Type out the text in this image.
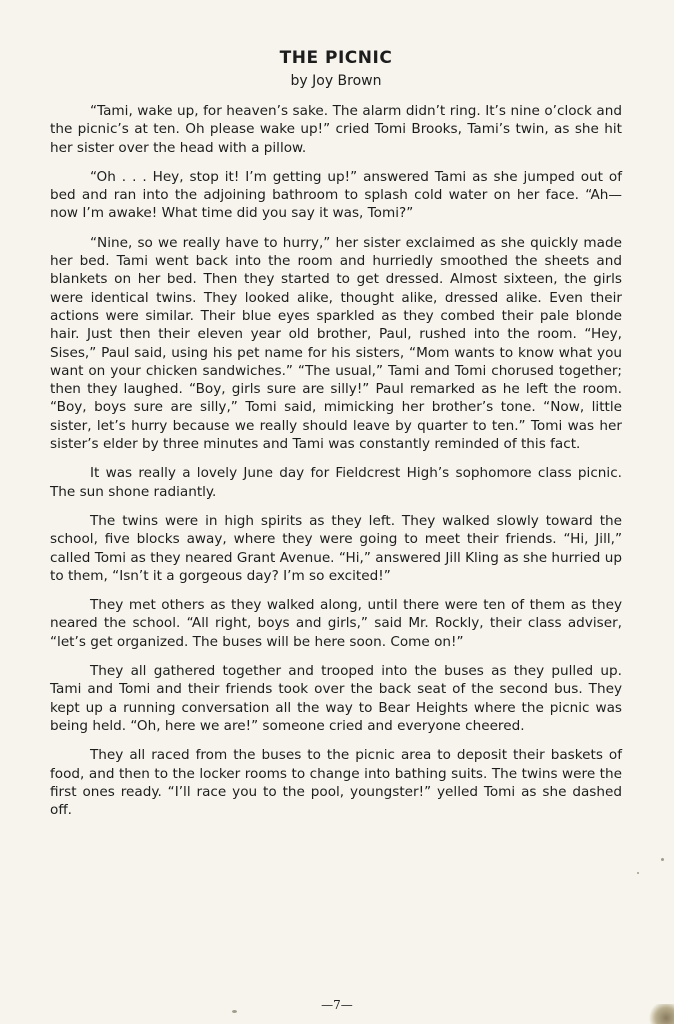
THE PICNIC
by Joy Brown

“Tami, wake up, for heaven’s sake. The alarm didn’t ring. It’s nine o’clock and the picnic’s at ten. Oh please wake up!” cried Tomi Brooks, Tami’s twin, as she hit her sister over the head with a pillow.

“Oh . . . Hey, stop it! I’m getting up!” answered Tami as she jumped out of bed and ran into the adjoining bathroom to splash cold water on her face. “Ah—now I’m awake! What time did you say it was, Tomi?”

“Nine, so we really have to hurry,” her sister exclaimed as she quickly made her bed. Tami went back into the room and hurriedly smoothed the sheets and blankets on her bed. Then they started to get dressed. Almost sixteen, the girls were identical twins. They looked alike, thought alike, dressed alike. Even their actions were similar. Their blue eyes sparkled as they combed their pale blonde hair. Just then their eleven year old brother, Paul, rushed into the room. “Hey, Sises,” Paul said, using his pet name for his sisters, “Mom wants to know what you want on your chicken sandwiches.” “The usual,” Tami and Tomi chorused together; then they laughed. “Boy, girls sure are silly!” Paul remarked as he left the room. “Boy, boys sure are silly,” Tomi said, mimicking her brother’s tone. “Now, little sister, let’s hurry because we really should leave by quarter to ten.” Tomi was her sister’s elder by three minutes and Tami was constantly reminded of this fact.

It was really a lovely June day for Fieldcrest High’s sophomore class picnic. The sun shone radiantly.

The twins were in high spirits as they left. They walked slowly toward the school, five blocks away, where they were going to meet their friends. “Hi, Jill,” called Tomi as they neared Grant Avenue. “Hi,” answered Jill Kling as she hurried up to them, “Isn’t it a gorgeous day? I’m so excited!”

They met others as they walked along, until there were ten of them as they neared the school. “All right, boys and girls,” said Mr. Rockly, their class adviser, “let’s get organized. The buses will be here soon. Come on!”

They all gathered together and trooped into the buses as they pulled up. Tami and Tomi and their friends took over the back seat of the second bus. They kept up a running conversation all the way to Bear Heights where the picnic was being held. “Oh, here we are!” someone cried and everyone cheered.

They all raced from the buses to the picnic area to deposit their baskets of food, and then to the locker rooms to change into bathing suits. The twins were the first ones ready. “I’ll race you to the pool, youngster!” yelled Tomi as she dashed off.

—7—
